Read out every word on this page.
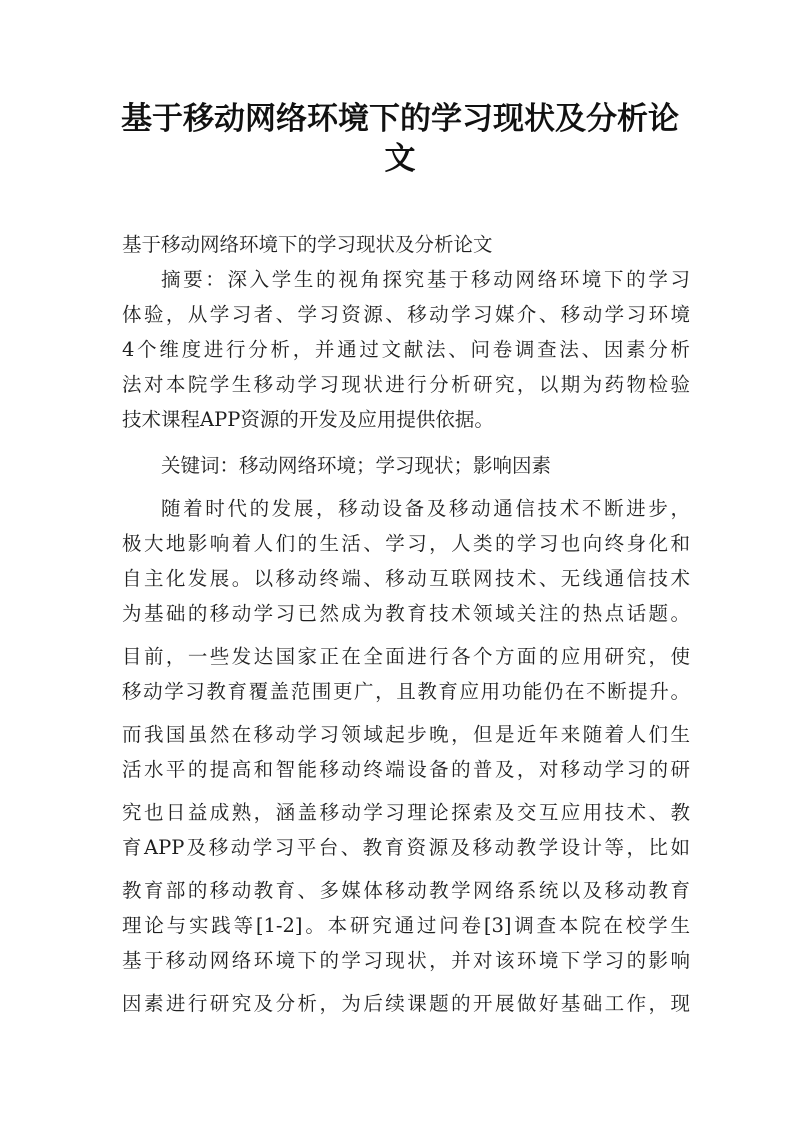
基于移动网络环境下的学习现状及分析论
文
基于移动网络环境下的学习现状及分析论文
摘要：深入学生的视角探究基于移动网络环境下的学习
体验，从学习者、学习资源、移动学习媒介、移动学习环境
4个维度进行分析，并通过文献法、问卷调查法、因素分析
法对本院学生移动学习现状进行分析研究，以期为药物检验
技术课程APP资源的开发及应用提供依据。
关键词：移动网络环境；学习现状；影响因素
随着时代的发展，移动设备及移动通信技术不断进步，
极大地影响着人们的生活、学习，人类的学习也向终身化和
自主化发展。以移动终端、移动互联网技术、无线通信技术
为基础的移动学习已然成为教育技术领域关注的热点话题。
目前，一些发达国家正在全面进行各个方面的应用研究，使
移动学习教育覆盖范围更广，且教育应用功能仍在不断提升。
而我国虽然在移动学习领域起步晚，但是近年来随着人们生
活水平的提高和智能移动终端设备的普及，对移动学习的研
究也日益成熟，涵盖移动学习理论探索及交互应用技术、教
育APP及移动学习平台、教育资源及移动教学设计等，比如
教育部的移动教育、多媒体移动教学网络系统以及移动教育
理论与实践等[1-2]。本研究通过问卷[3]调查本院在校学生
基于移动网络环境下的学习现状，并对该环境下学习的影响
因素进行研究及分析，为后续课题的开展做好基础工作，现
